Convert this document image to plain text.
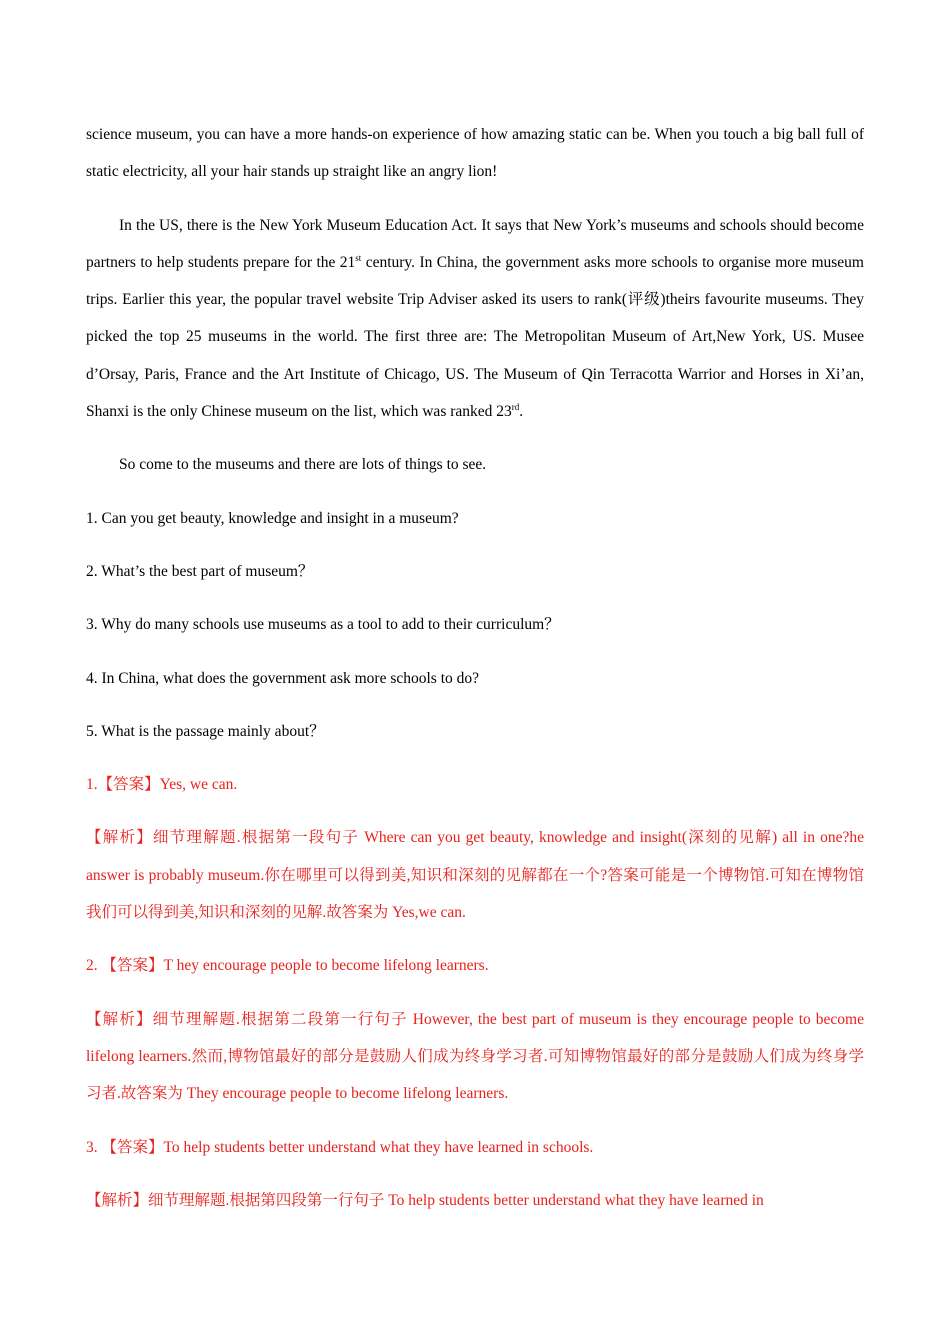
science museum, you can have a more hands-on experience of how amazing static can be. When you touch a big ball full of static electricity, all your hair stands up straight like an angry lion!

In the US, there is the New York Museum Education Act. It says that New York’s museums and schools should become partners to help students prepare for the 21st century. In China, the government asks more schools to organise more museum trips. Earlier this year, the popular travel website Trip Adviser asked its users to rank(评级)theirs favourite museums. They picked the top 25 museums in the world. The first three are: The Metropolitan Museum of Art,New York, US. Musee d’Orsay, Paris, France and the Art Institute of Chicago, US. The Museum of Qin Terracotta Warrior and Horses in Xi’an, Shanxi is the only Chinese museum on the list, which was ranked 23rd.

So come to the museums and there are lots of things to see.

1. Can you get beauty, knowledge and insight in a museum?

2. What’s the best part of museum？

3. Why do many schools use museums as a tool to add to their curriculum？

4. In China, what does the government ask more schools to do?

5. What is the passage mainly about？

1.【答案】Yes, we can.

【解析】细节理解题.根据第一段句子 Where can you get beauty, knowledge and insight(深刻的见解) all in one?he answer is probably museum.你在哪里可以得到美,知识和深刻的见解都在一个?答案可能是一个博物馆.可知在博物馆我们可以得到美,知识和深刻的见解.故答案为 Yes,we can.

2. 【答案】T hey encourage people to become lifelong learners.

【解析】细节理解题.根据第二段第一行句子 However, the best part of museum is they encourage people to become lifelong learners.然而,博物馆最好的部分是鼓励人们成为终身学习者.可知博物馆最好的部分是鼓励人们成为终身学习者.故答案为 They encourage people to become lifelong learners.

3. 【答案】To help students better understand what they have learned in schools.

【解析】细节理解题.根据第四段第一行句子 To help students better understand what they have learned in
